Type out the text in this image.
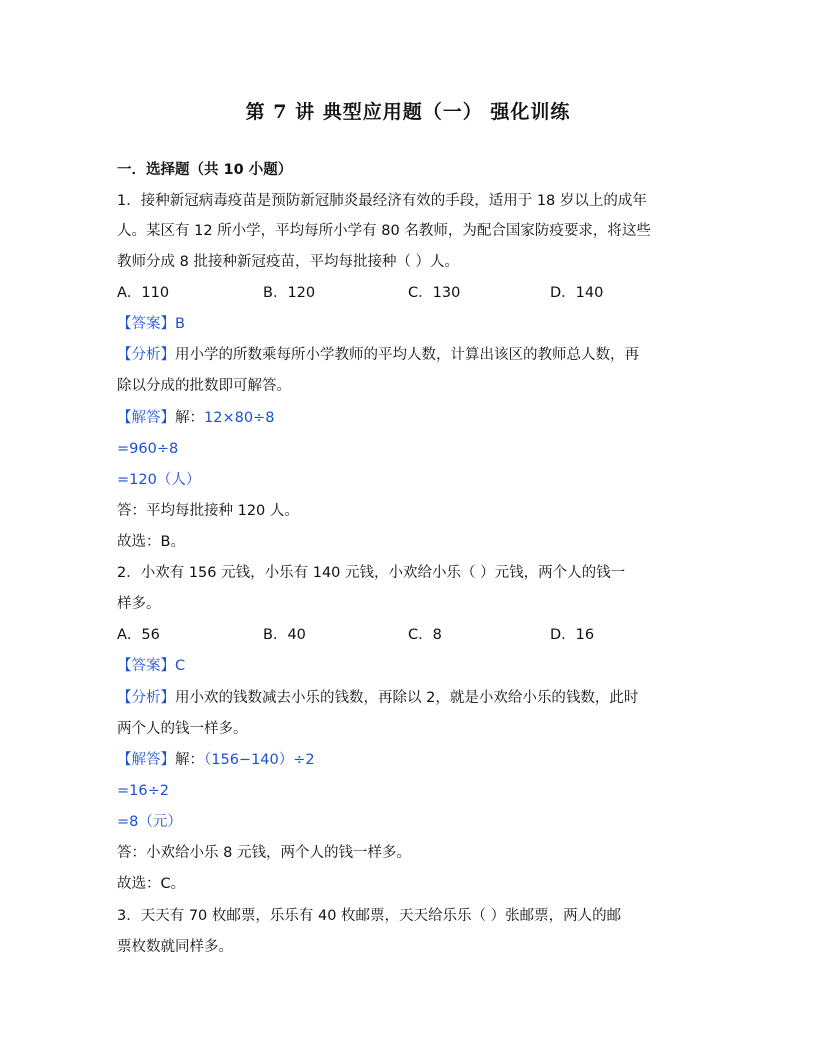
第 7 讲 典型应用题（一） 强化训练
一．选择题（共 10 小题）
1．接种新冠病毒疫苗是预防新冠肺炎最经济有效的手段，适用于 18 岁以上的成年
人。某区有 12 所小学，平均每所小学有 80 名教师，为配合国家防疫要求，将这些
教师分成 8 批接种新冠疫苗，平均每批接种（ ）人。
A．110	B．120	C．130	D．140
【答案】B
【分析】用小学的所数乘每所小学教师的平均人数，计算出该区的教师总人数，再
除以分成的批数即可解答。
【解答】解：12×80÷8
=960÷8
=120（人）
答：平均每批接种 120 人。
故选：B。
2．小欢有 156 元钱，小乐有 140 元钱，小欢给小乐（ ）元钱，两个人的钱一
样多。
A．56	B．40	C．8	D．16
【答案】C
【分析】用小欢的钱数减去小乐的钱数，再除以 2，就是小欢给小乐的钱数，此时
两个人的钱一样多。
【解答】解：（156−140）÷2
=16÷2
=8（元）
答：小欢给小乐 8 元钱，两个人的钱一样多。
故选：C。
3．天天有 70 枚邮票，乐乐有 40 枚邮票，天天给乐乐（ ）张邮票，两人的邮
票枚数就同样多。
